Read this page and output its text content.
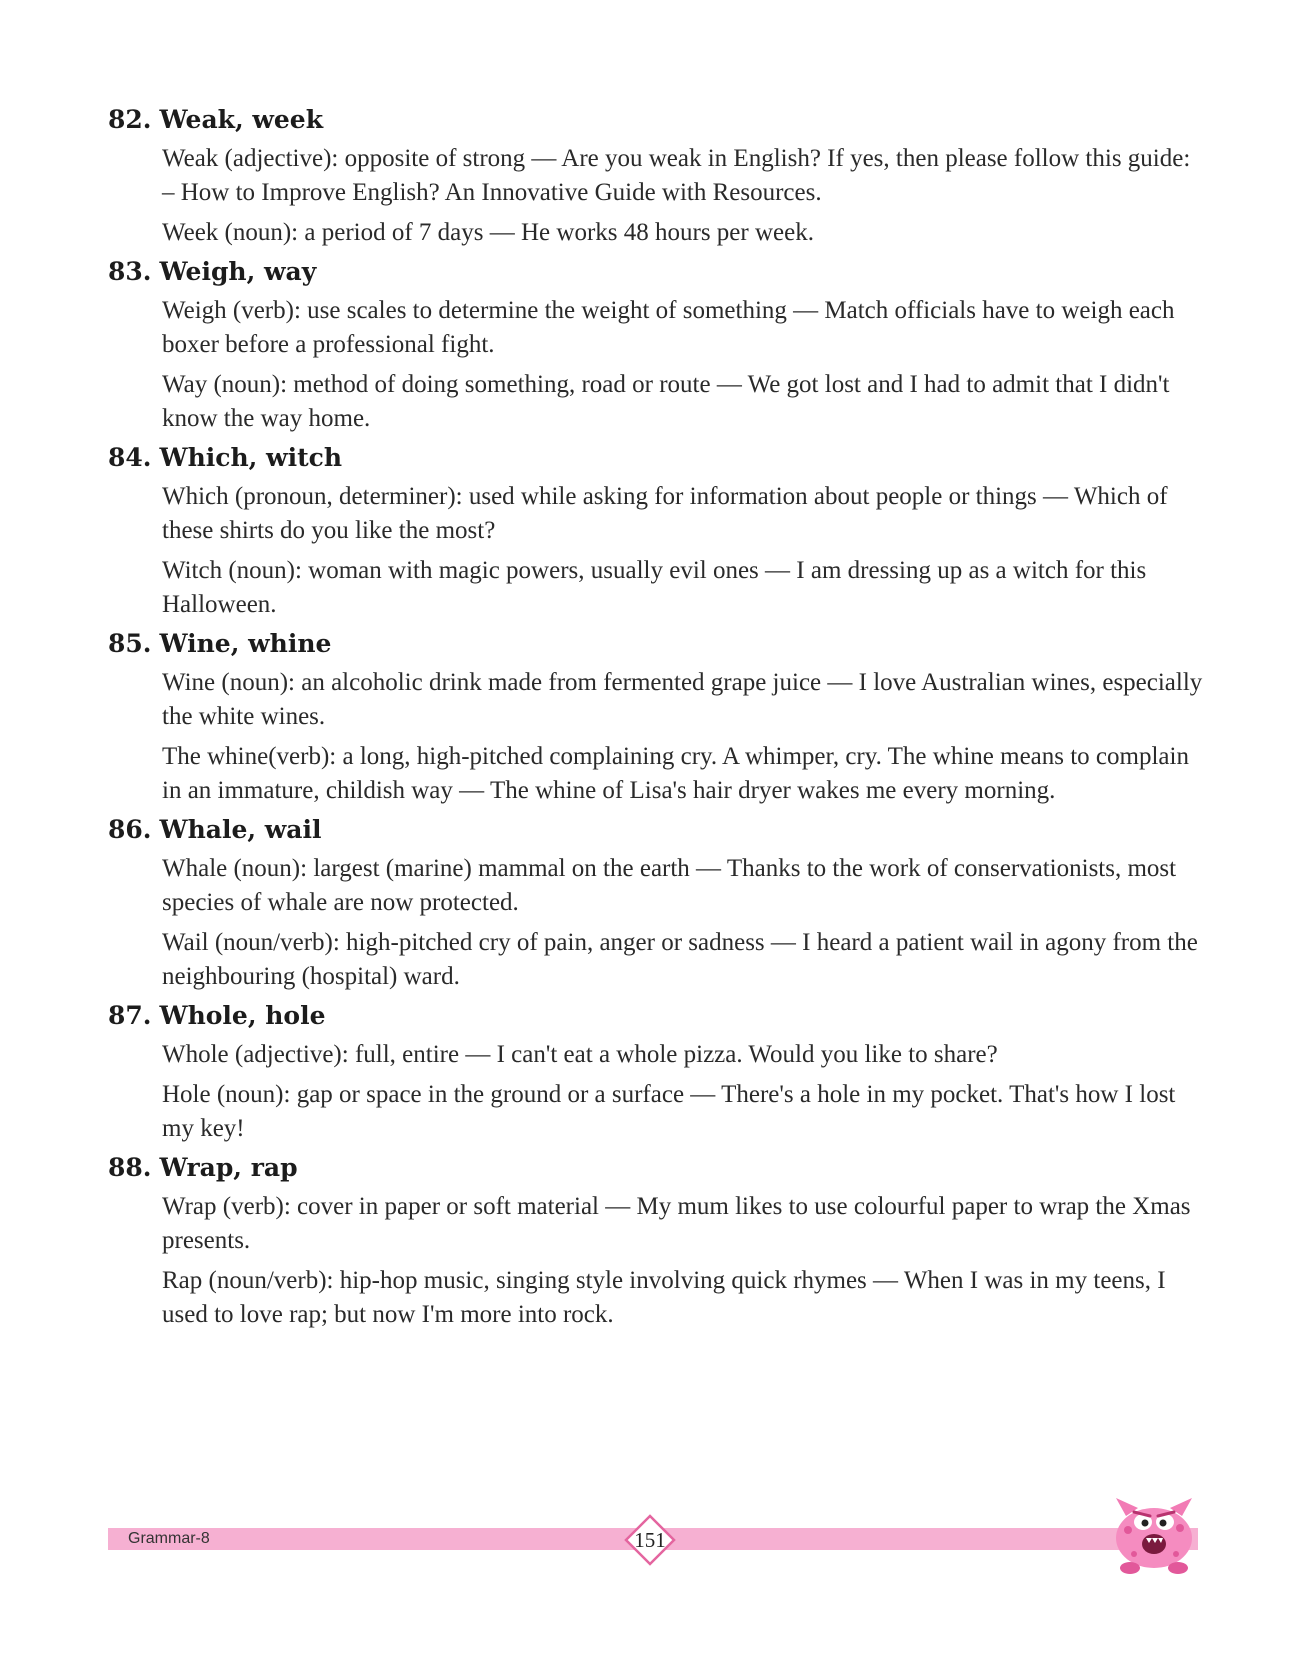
82. Weak, week

Weak (adjective): opposite of strong — Are you weak in English? If yes, then please follow this guide: – How to Improve English? An Innovative Guide with Resources.

Week (noun): a period of 7 days — He works 48 hours per week.

83. Weigh, way

Weigh (verb): use scales to determine the weight of something — Match officials have to weigh each boxer before a professional fight.

Way (noun): method of doing something, road or route — We got lost and I had to admit that I didn't know the way home.

84. Which, witch

Which (pronoun, determiner): used while asking for information about people or things — Which of these shirts do you like the most?

Witch (noun): woman with magic powers, usually evil ones — I am dressing up as a witch for this Halloween.

85. Wine, whine

Wine (noun): an alcoholic drink made from fermented grape juice — I love Australian wines, especially the white wines.

The whine(verb): a long, high-pitched complaining cry. A whimper, cry. The whine means to complain in an immature, childish way — The whine of Lisa's hair dryer wakes me every morning.

86. Whale, wail

Whale (noun): largest (marine) mammal on the earth — Thanks to the work of conservationists, most species of whale are now protected.

Wail (noun/verb): high-pitched cry of pain, anger or sadness — I heard a patient wail in agony from the neighbouring (hospital) ward.

87. Whole, hole

Whole (adjective): full, entire — I can't eat a whole pizza. Would you like to share?

Hole (noun): gap or space in the ground or a surface — There's a hole in my pocket. That's how I lost my key!

88. Wrap, rap

Wrap (verb): cover in paper or soft material — My mum likes to use colourful paper to wrap the Xmas presents.

Rap (noun/verb): hip-hop music, singing style involving quick rhymes — When I was in my teens, I used to love rap; but now I'm more into rock.

Grammar-8	151
